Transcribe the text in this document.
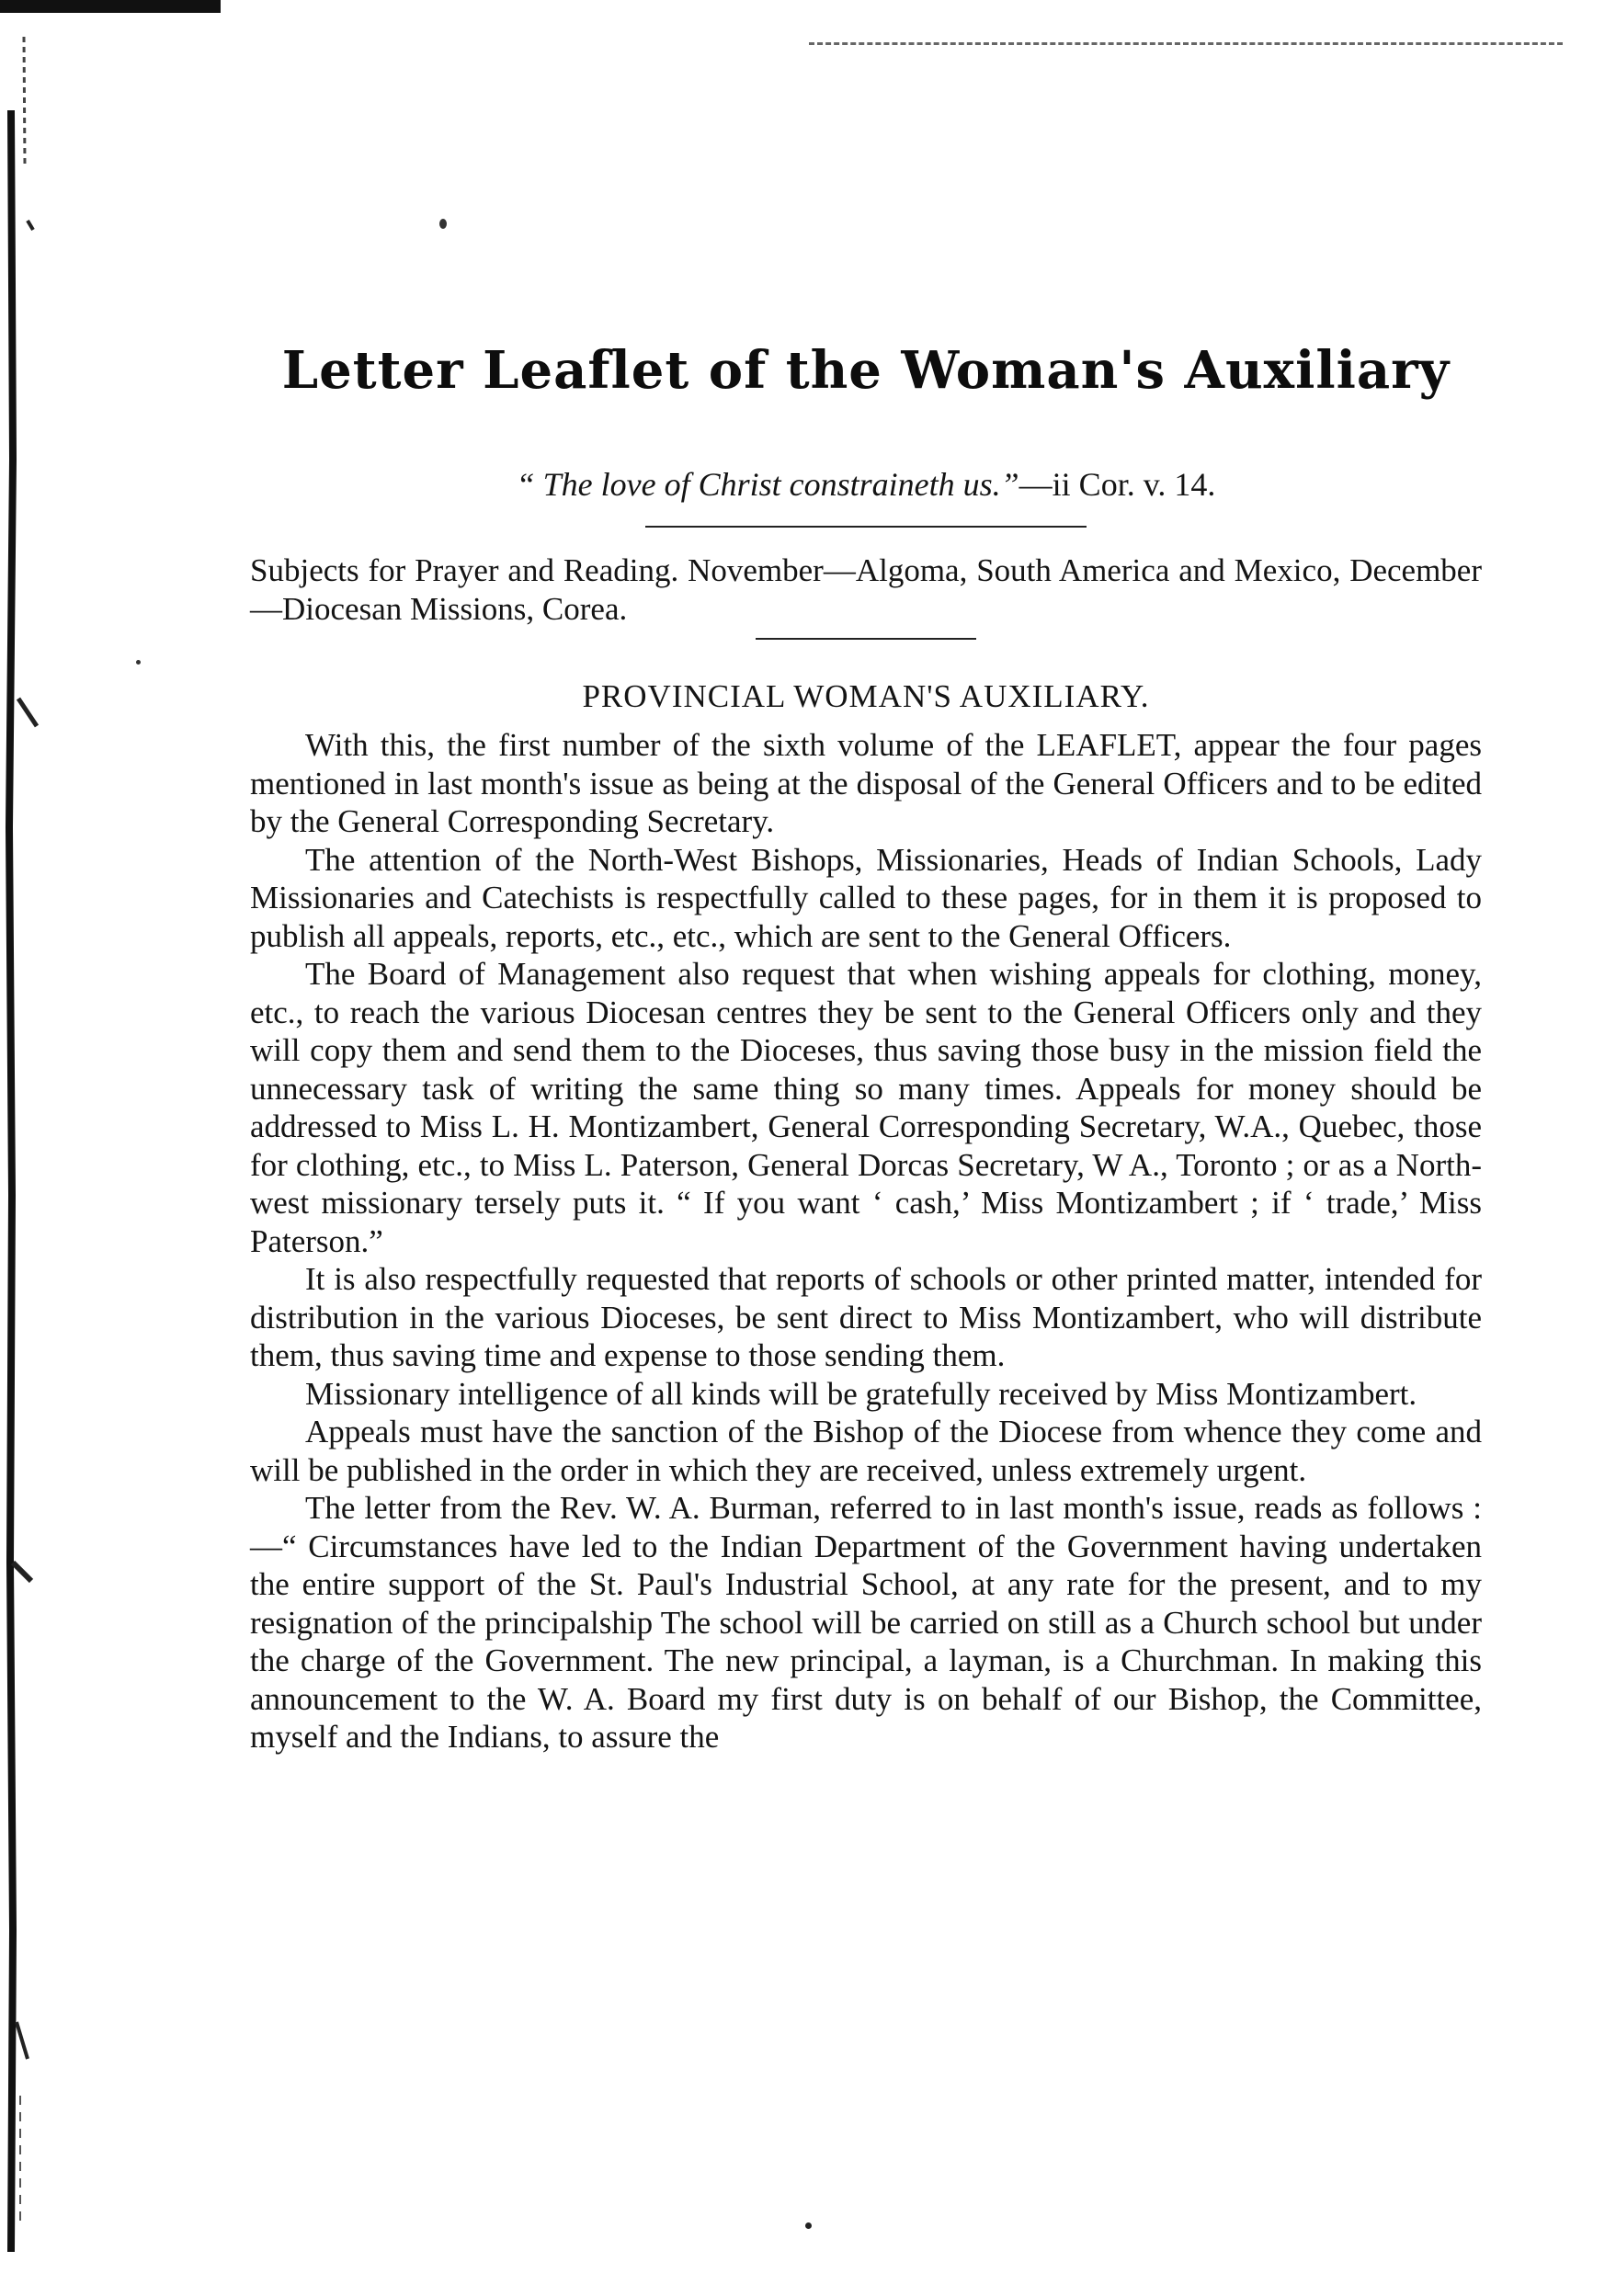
Letter Leaflet of the Woman's Auxiliary
“ The love of Christ constraineth us.”—ii Cor. v. 14.

Subjects for Prayer and Reading. November—Algoma, South America and Mexico, December—Diocesan Missions, Corea.

PROVINCIAL WOMAN'S AUXILIARY.

With this, the first number of the sixth volume of the LEAFLET, appear the four pages mentioned in last month's issue as being at the disposal of the General Officers and to be edited by the General Corresponding Secretary.

The attention of the North-West Bishops, Missionaries, Heads of Indian Schools, Lady Missionaries and Catechists is respectfully called to these pages, for in them it is proposed to publish all appeals, reports, etc., etc., which are sent to the General Officers.

The Board of Management also request that when wishing appeals for clothing, money, etc., to reach the various Diocesan centres they be sent to the General Officers only and they will copy them and send them to the Dioceses, thus saving those busy in the mission field the unnecessary task of writing the same thing so many times. Appeals for money should be addressed to Miss L. H. Montizambert, General Corresponding Secretary, W.A., Quebec, those for clothing, etc., to Miss L. Paterson, General Dorcas Secretary, W A., Toronto ; or as a North-west missionary tersely puts it. “ If you want ‘ cash,’ Miss Montizambert ; if ‘ trade,’ Miss Paterson.”

It is also respectfully requested that reports of schools or other printed matter, intended for distribution in the various Dioceses, be sent direct to Miss Montizambert, who will distribute them, thus saving time and expense to those sending them.

Missionary intelligence of all kinds will be gratefully received by Miss Montizambert.

Appeals must have the sanction of the Bishop of the Diocese from whence they come and will be published in the order in which they are received, unless extremely urgent.

The letter from the Rev. W. A. Burman, referred to in last month's issue, reads as follows :—“ Circumstances have led to the Indian Department of the Government having undertaken the entire support of the St. Paul's Industrial School, at any rate for the present, and to my resignation of the principalship The school will be carried on still as a Church school but under the charge of the Government. The new principal, a layman, is a Churchman. In making this announcement to the W. A. Board my first duty is on behalf of our Bishop, the Committee, myself and the Indians, to assure the
